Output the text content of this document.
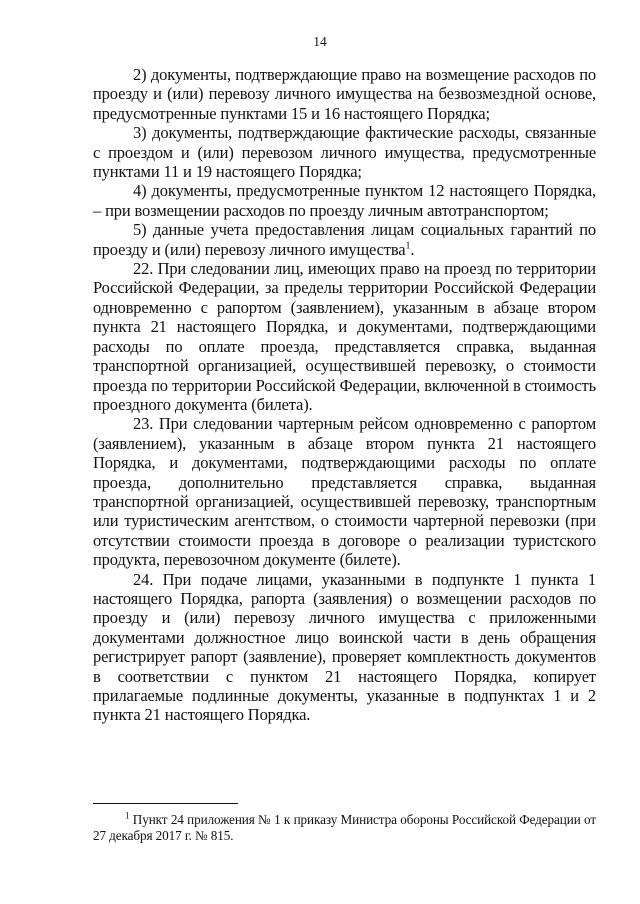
14

2) документы, подтверждающие право на возмещение расходов по проезду и (или) перевозу личного имущества на безвозмездной основе, предусмотренные пунктами 15 и 16 настоящего Порядка;

3) документы, подтверждающие фактические расходы, связанные с проездом и (или) перевозом личного имущества, предусмотренные пунктами 11 и 19 настоящего Порядка;

4) документы, предусмотренные пунктом 12 настоящего Порядка, – при возмещении расходов по проезду личным автотранспортом;

5) данные учета предоставления лицам социальных гарантий по проезду и (или) перевозу личного имущества$^1$.

22. При следовании лиц, имеющих право на проезд по территории Российской Федерации, за пределы территории Российской Федерации одновременно с рапортом (заявлением), указанным в абзаце втором пункта 21 настоящего Порядка, и документами, подтверждающими расходы по оплате проезда, представляется справка, выданная транспортной организацией, осуществившей перевозку, о стоимости проезда по территории Российской Федерации, включенной в стоимость проездного документа (билета).

23. При следовании чартерным рейсом одновременно с рапортом (заявлением), указанным в абзаце втором пункта 21 настоящего Порядка, и документами, подтверждающими расходы по оплате проезда, дополнительно представляется справка, выданная транспортной организацией, осуществившей перевозку, транспортным или туристическим агентством, о стоимости чартерной перевозки (при отсутствии стоимости проезда в договоре о реализации туристского продукта, перевозочном документе (билете).

24. При подаче лицами, указанными в подпункте 1 пункта 1 настоящего Порядка, рапорта (заявления) о возмещении расходов по проезду и (или) перевозу личного имущества с приложенными документами должностное лицо воинской части в день обращения регистрирует рапорт (заявление), проверяет комплектность документов в соответствии с пунктом 21 настоящего Порядка, копирует прилагаемые подлинные документы, указанные в подпунктах 1 и 2 пункта 21 настоящего Порядка.

$^1$ Пункт 24 приложения № 1 к приказу Министра обороны Российской Федерации от 27 декабря 2017 г. № 815.
